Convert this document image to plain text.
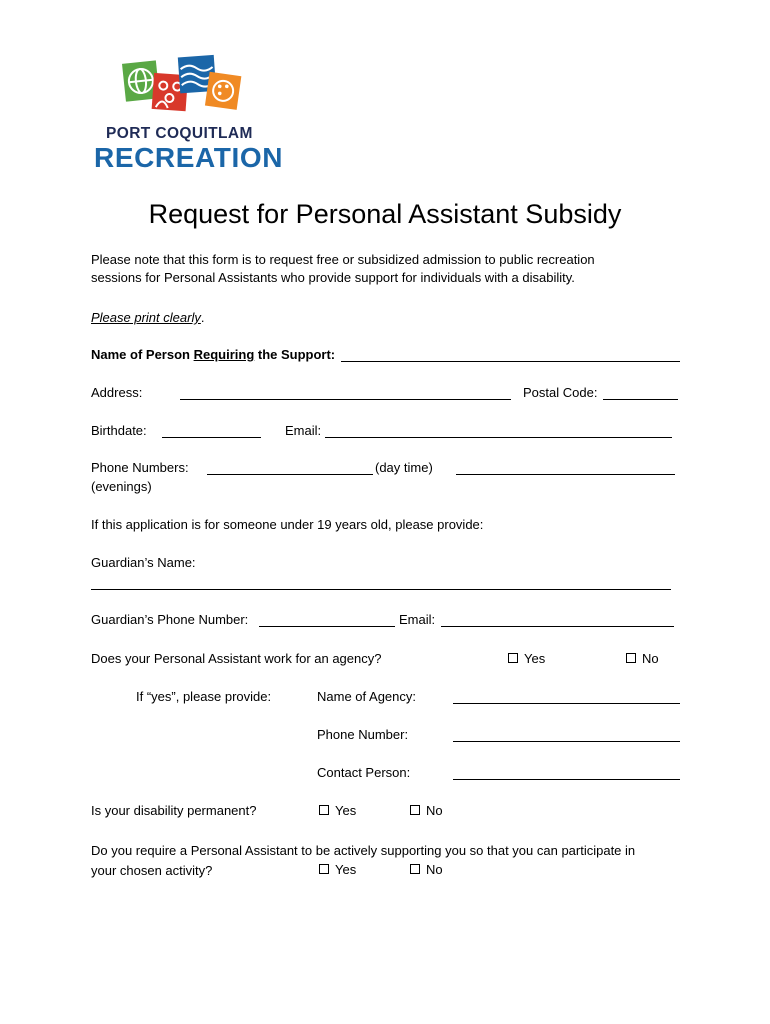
PORT COQUITLAM
RECREATION
Request for Personal Assistant Subsidy
Please note that this form is to request free or subsidized admission to public recreation
sessions for Personal Assistants who provide support for individuals with a disability.
Please print clearly.
Name of Person Requiring the Support:
Address:	Postal Code:
Birthdate:	Email:
Phone Numbers:	(day time)
(evenings)
If this application is for someone under 19 years old, please provide:
Guardian’s Name:
Guardian’s Phone Number:	Email:
Does your Personal Assistant work for an agency?	Yes	No
If “yes”, please provide:	Name of Agency:
Phone Number:
Contact Person:
Is your disability permanent?	Yes	No
Do you require a Personal Assistant to be actively supporting you so that you can participate in
your chosen activity?	Yes	No
